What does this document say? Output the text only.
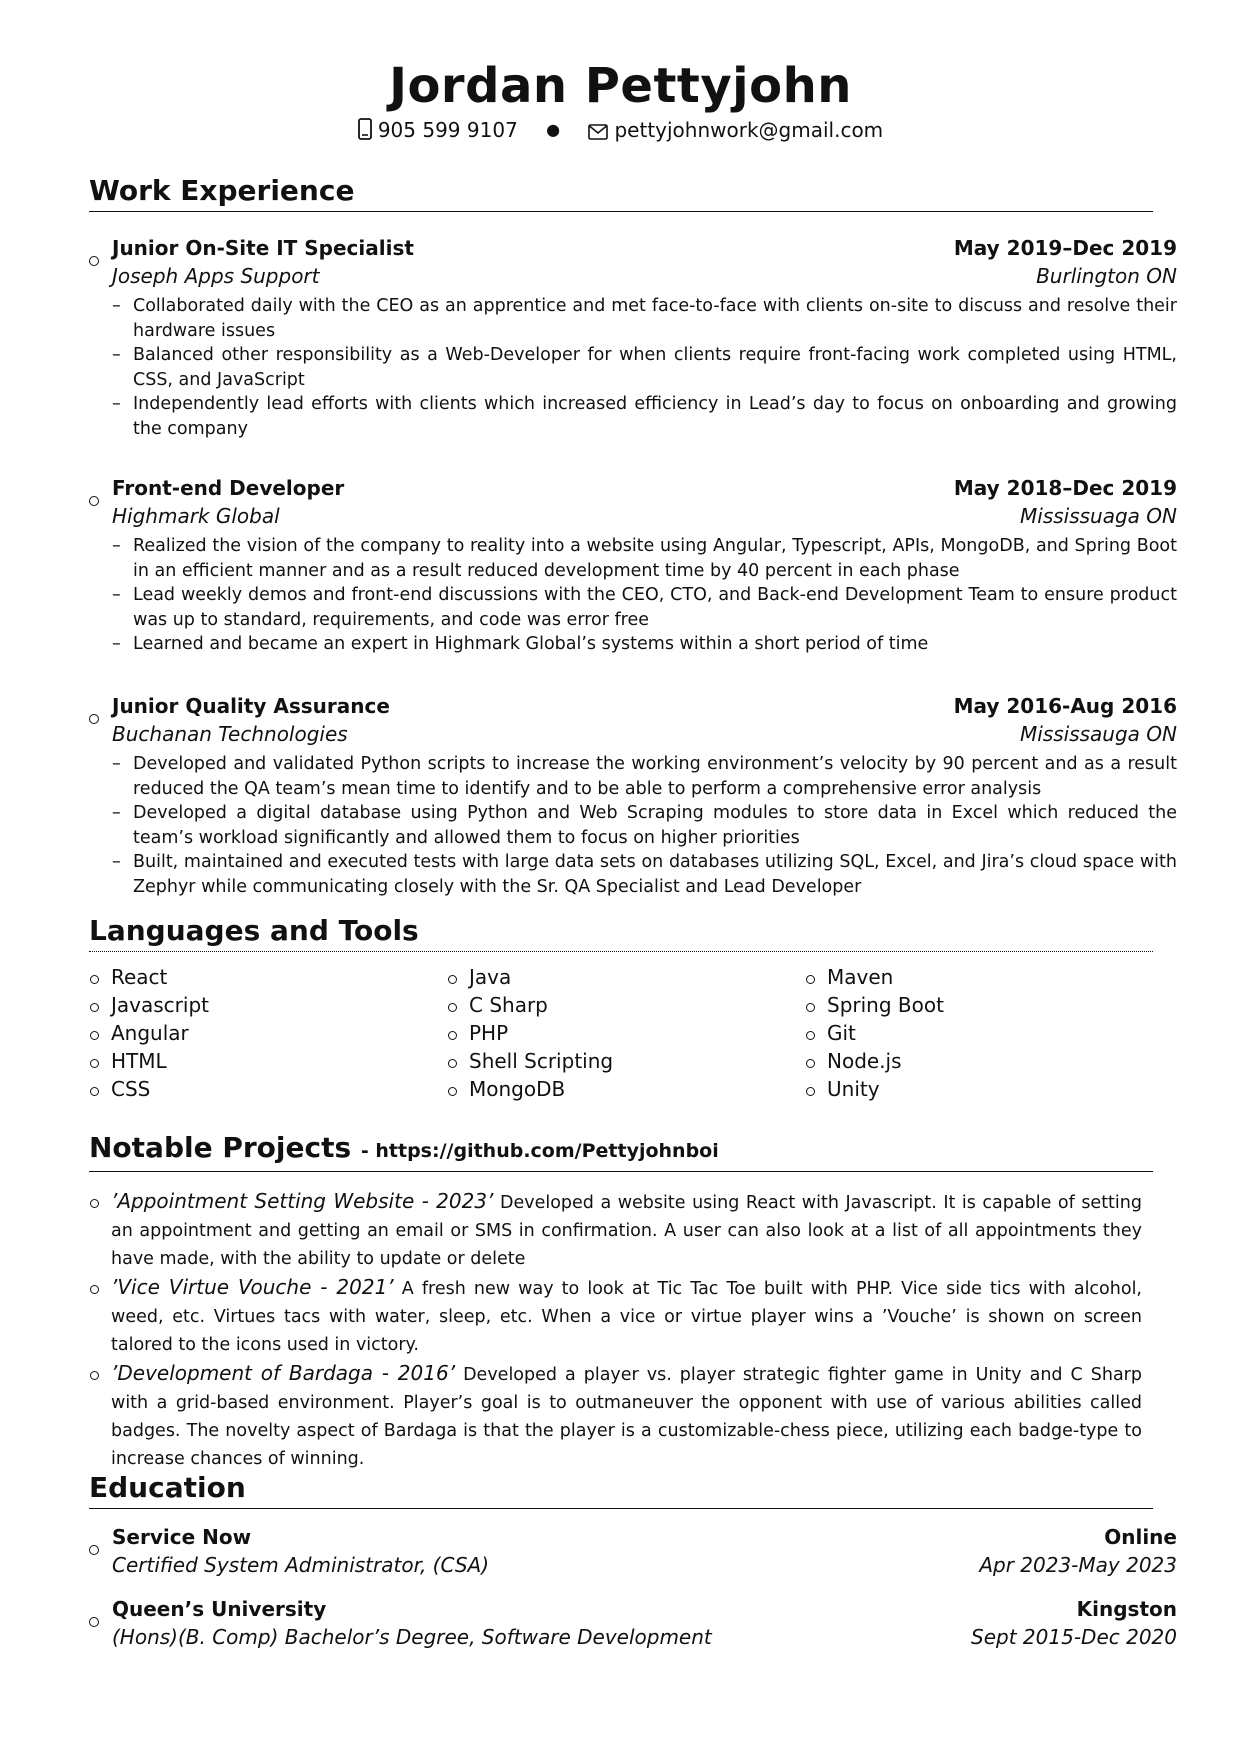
Jordan Pettyjohn
905 599 9107 ●	pettyjohnwork@gmail.com
Work Experience
Junior On-Site IT Specialist	May 2019–Dec 2019
Joseph Apps Support	Burlington ON
– Collaborated daily with the CEO as an apprentice and met face-to-face with clients on-site to discuss and resolve their hardware issues
– Balanced other responsibility as a Web-Developer for when clients require front-facing work completed using HTML, CSS, and JavaScript
– Independently lead efforts with clients which increased efficiency in Lead’s day to focus on onboarding and growing the company
Front-end Developer	May 2018–Dec 2019
Highmark Global	Mississuaga ON
– Realized the vision of the company to reality into a website using Angular, Typescript, APIs, MongoDB, and Spring Boot in an efficient manner and as a result reduced development time by 40 percent in each phase
– Lead weekly demos and front-end discussions with the CEO, CTO, and Back-end Development Team to ensure product was up to standard, requirements, and code was error free
– Learned and became an expert in Highmark Global’s systems within a short period of time
Junior Quality Assurance	May 2016-Aug 2016
Buchanan Technologies	Mississauga ON
– Developed and validated Python scripts to increase the working environment’s velocity by 90 percent and as a result reduced the QA team’s mean time to identify and to be able to perform a comprehensive error analysis
– Developed a digital database using Python and Web Scraping modules to store data in Excel which reduced the team’s workload significantly and allowed them to focus on higher priorities
– Built, maintained and executed tests with large data sets on databases utilizing SQL, Excel, and Jira’s cloud space with Zephyr while communicating closely with the Sr. QA Specialist and Lead Developer
Languages and Tools
React	Java	Maven
Javascript	C Sharp	Spring Boot
Angular	PHP	Git
HTML	Shell Scripting	Node.js
CSS	MongoDB	Unity
Notable Projects - https://github.com/Pettyjohnboi
’Appointment Setting Website - 2023’ Developed a website using React with Javascript. It is capable of setting an appointment and getting an email or SMS in confirmation. A user can also look at a list of all appointments they have made, with the ability to update or delete
’Vice Virtue Vouche - 2021’ A fresh new way to look at Tic Tac Toe built with PHP. Vice side tics with alcohol, weed, etc. Virtues tacs with water, sleep, etc. When a vice or virtue player wins a ’Vouche’ is shown on screen talored to the icons used in victory.
’Development of Bardaga - 2016’ Developed a player vs. player strategic fighter game in Unity and C Sharp with a grid-based environment. Player’s goal is to outmaneuver the opponent with use of various abilities called badges. The novelty aspect of Bardaga is that the player is a customizable-chess piece, utilizing each badge-type to increase chances of winning.
Education
Service Now	Online
Certified System Administrator, (CSA)	Apr 2023-May 2023
Queen’s University	Kingston
(Hons)(B. Comp) Bachelor’s Degree, Software Development	Sept 2015-Dec 2020
